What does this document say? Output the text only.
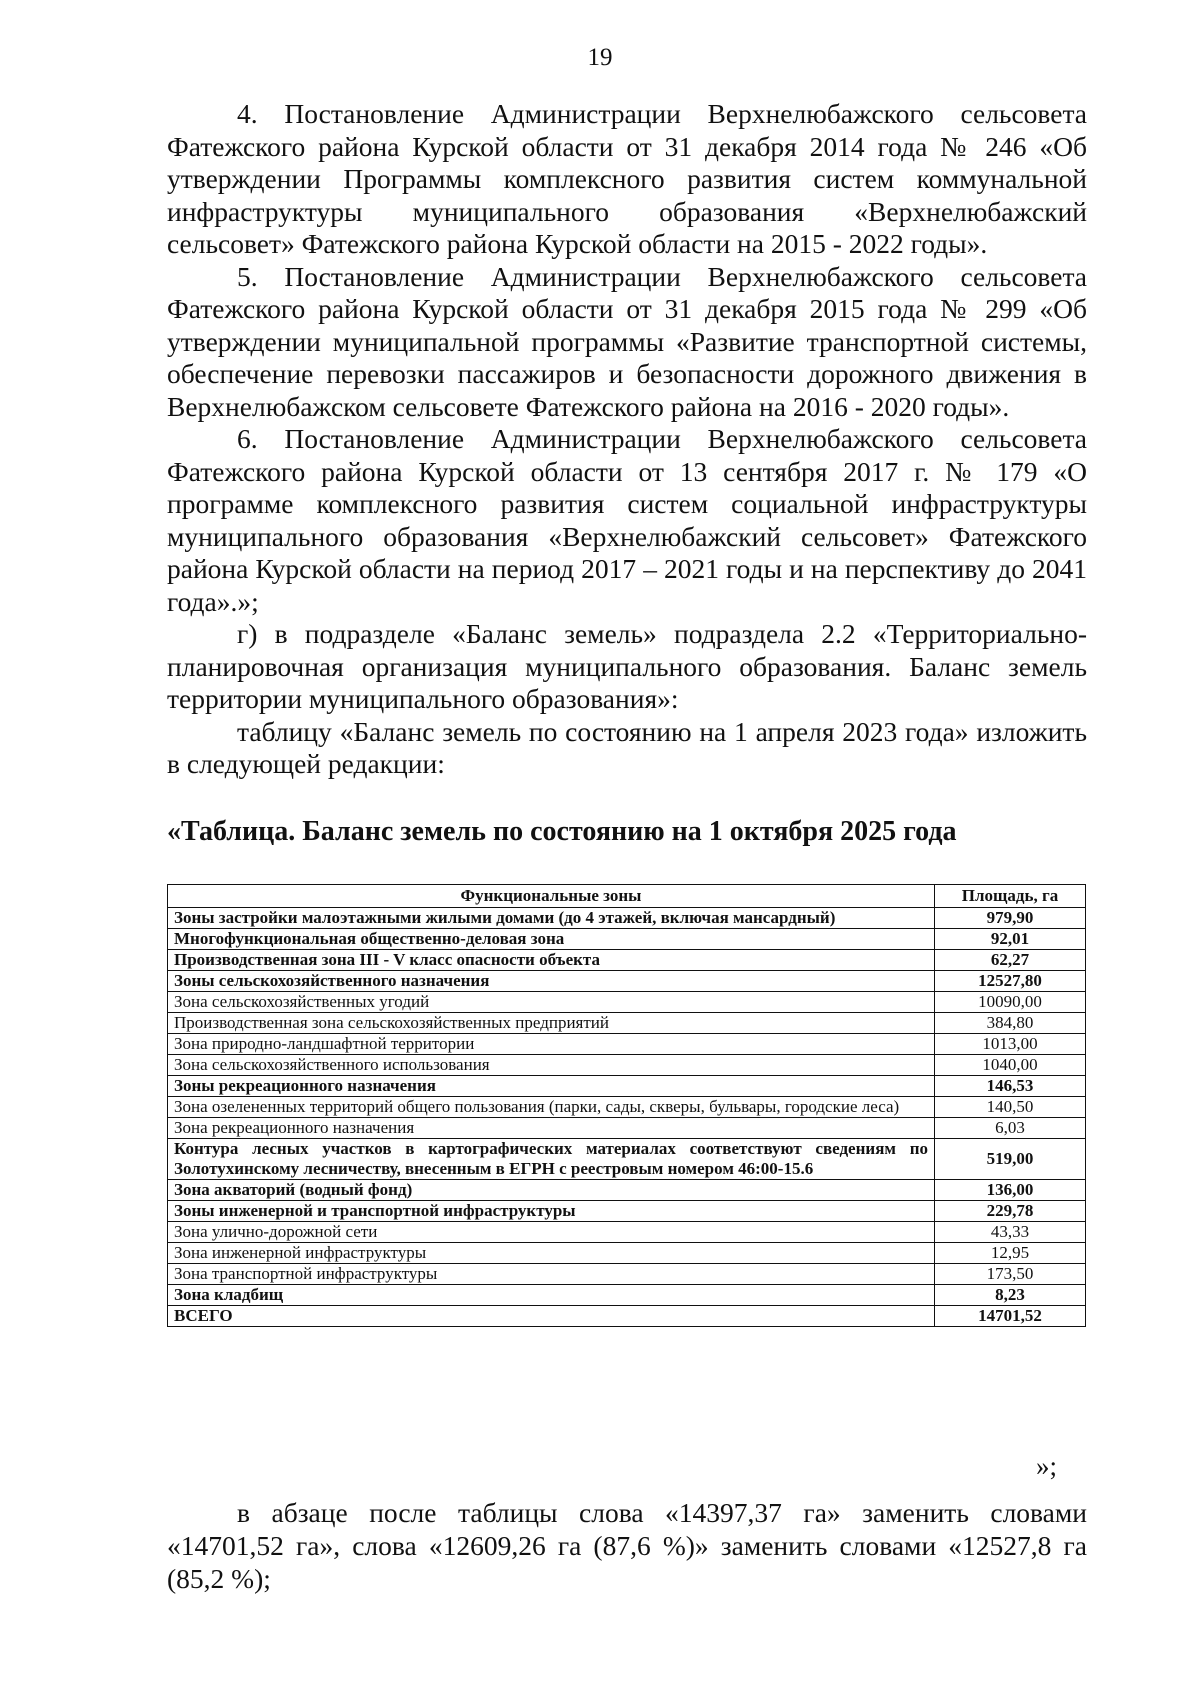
19

4. Постановление Администрации Верхнелюбажского сельсовета Фатежского района Курской области от 31 декабря 2014 года № 246 «Об утверждении Программы комплексного развития систем коммунальной инфраструктуры муниципального образования «Верхнелюбажский сельсовет» Фатежского района Курской области на 2015 - 2022 годы».

5. Постановление Администрации Верхнелюбажского сельсовета Фатежского района Курской области от 31 декабря 2015 года № 299 «Об утверждении муниципальной программы «Развитие транспортной системы, обеспечение перевозки пассажиров и безопасности дорожного движения в Верхнелюбажском сельсовете Фатежского района на 2016 - 2020 годы».

6. Постановление Администрации Верхнелюбажского сельсовета Фатежского района Курской области от 13 сентября 2017 г. № 179 «О программе комплексного развития систем социальной инфраструктуры муниципального образования «Верхнелюбажский сельсовет» Фатежского района Курской области на период 2017 – 2021 годы и на перспективу до 2041 года».»;

г) в подразделе «Баланс земель» подраздела 2.2 «Территориально-планировочная организация муниципального образования. Баланс земель территории муниципального образования»:

таблицу «Баланс земель по состоянию на 1 апреля 2023 года» изложить в следующей редакции:

«Таблица. Баланс земель по состоянию на 1 октября 2025 года
Функциональные зоны	Площадь, га
Зоны застройки малоэтажными жилыми домами (до 4 этажей, включая мансардный)	979,90
Многофункциональная общественно-деловая зона	92,01
Производственная зона III - V класс опасности объекта	62,27
Зоны сельскохозяйственного назначения	12527,80
Зона сельскохозяйственных угодий	10090,00
Производственная зона сельскохозяйственных предприятий	384,80
Зона природно-ландшафтной территории	1013,00
Зона сельскохозяйственного использования	1040,00
Зоны рекреационного назначения	146,53
Зона озелененных территорий общего пользования (парки, сады, скверы, бульвары, городские леса)	140,50
Зона рекреационного назначения	6,03
Контура лесных участков в картографических материалах соответствуют сведениям по Золотухинскому лесничеству, внесенным в ЕГРН с реестровым номером 46:00-15.6	519,00
Зона акваторий (водный фонд)	136,00
Зоны инженерной и транспортной инфраструктуры	229,78
Зона улично-дорожной сети	43,33
Зона инженерной инфраструктуры	12,95
Зона транспортной инфраструктуры	173,50
Зона кладбищ	8,23
ВСЕГО	14701,52
»;

в абзаце после таблицы слова «14397,37 га» заменить словами «14701,52 га», слова «12609,26 га (87,6 %)» заменить словами «12527,8 га (85,2 %);
